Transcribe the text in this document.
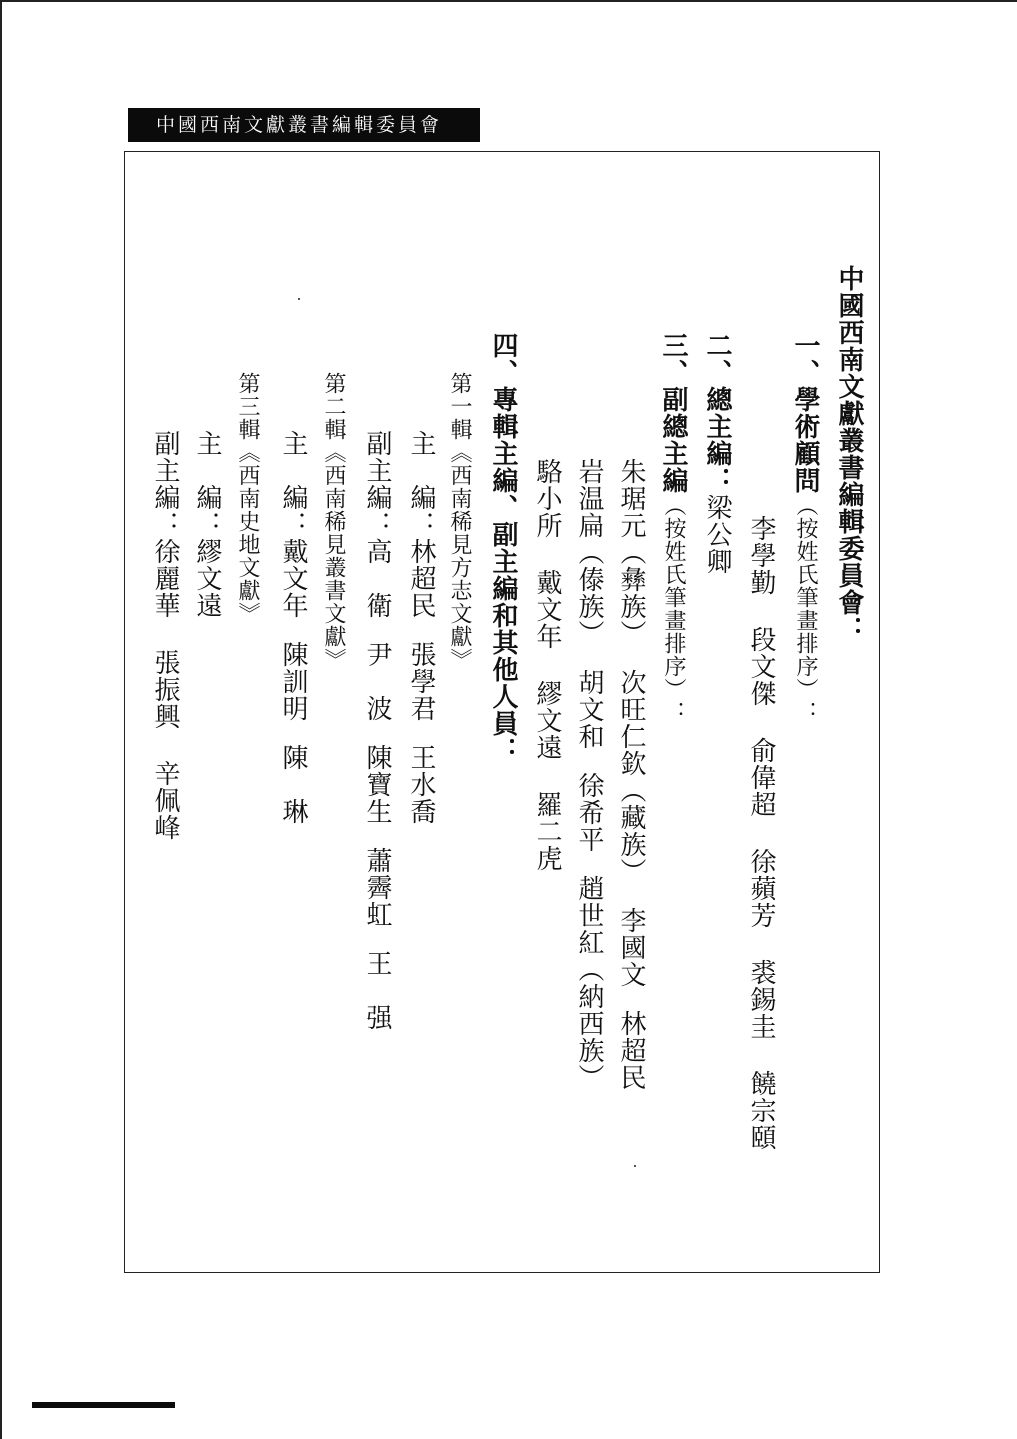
中國西南文獻叢書編輯委員會
中國西南文獻叢書編輯委員會：
一、學術顧問（按姓氏筆畫排序）：
李學勤段文傑俞偉超徐蘋芳裘錫圭饒宗頤
二、總主編：梁公卿
三、副總主編（按姓氏筆畫排序）：
朱琚元（彝族）次旺仁欽（藏族）李國文林超民
岩温扁（傣族）胡文和徐希平趙世紅（納西族）
駱小所戴文年繆文遠羅二虎
四、專輯主編、副主編和其他人員：
第一輯《西南稀見方志文獻》
主　編：林超民張學君王水喬
副主編：高　衛尹　波陳寶生蕭霽虹王　强
第二輯《西南稀見叢書文獻》
主　編：戴文年陳訓明陳　琳
第三輯《西南史地文獻》
主　編：繆文遠
副主編：徐麗華張振興辛佩峰
